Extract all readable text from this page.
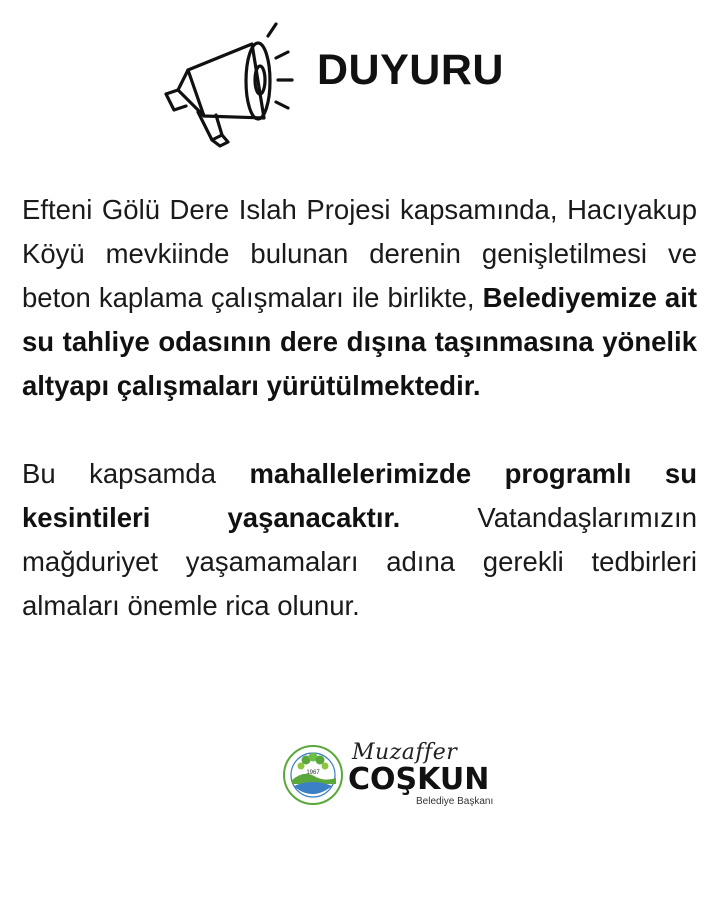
DUYURU

Efteni Gölü Dere Islah Projesi kapsamında, Hacıyakup Köyü mevkiinde bulunan derenin genişletilmesi ve beton kaplama çalışmaları ile birlikte, Belediyemize ait su tahliye odasının dere dışına taşınmasına yönelik altyapı çalışmaları yürütülmektedir.

Bu kapsamda mahallelerimizde programlı su kesintileri yaşanacaktır. Vatandaşlarımızın mağduriyet yaşamamaları adına gerekli tedbirleri almaları önemle rica olunur.

1967
Muzaffer
COŞKUN
Belediye Başkanı
